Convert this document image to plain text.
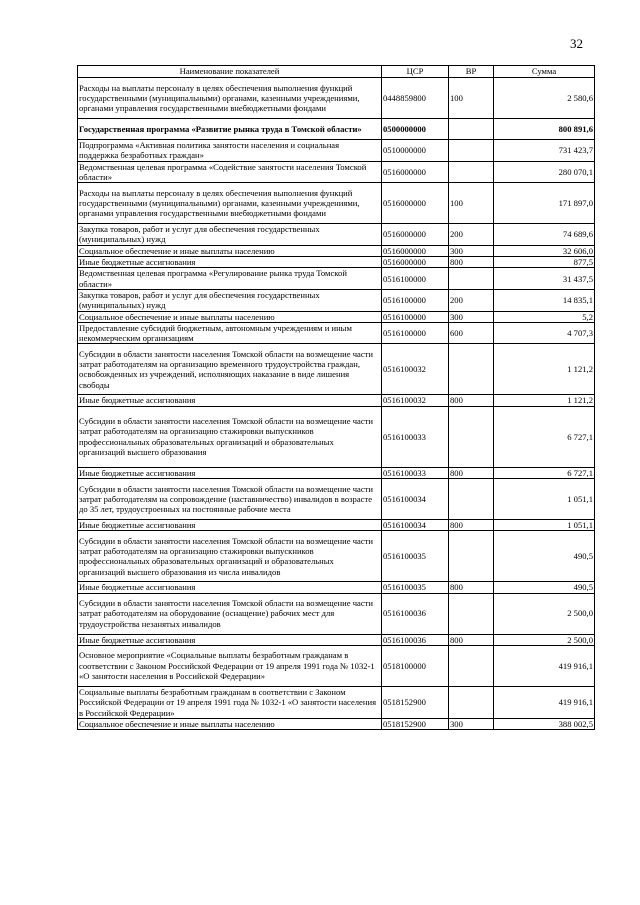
32
Наименование показателей	ЦСР	ВР	Сумма
Расходы на выплаты персоналу в целях обеспечения выполнения функций государственными (муниципальными) органами, казенными учреждениями, органами управления государственными внебюджетными фондами	0448859800	100	2 580,6
Государственная программа «Развитие рынка труда в Томской области»	0500000000		800 891,6
Подпрограмма «Активная политика занятости населения и социальная поддержка безработных граждан»	0510000000		731 423,7
Ведомственная целевая программа «Содействие занятости населения Томской области»	0516000000		280 070,1
Расходы на выплаты персоналу в целях обеспечения выполнения функций государственными (муниципальными) органами, казенными учреждениями, органами управления государственными внебюджетными фондами	0516000000	100	171 897,0
Закупка товаров, работ и услуг для обеспечения государственных (муниципальных) нужд	0516000000	200	74 689,6
Социальное обеспечение и иные выплаты населению	0516000000	300	32 606,0
Иные бюджетные ассигнования	0516000000	800	877,5
Ведомственная целевая программа «Регулирование рынка труда Томской области»	0516100000		31 437,5
Закупка товаров, работ и услуг для обеспечения государственных (муниципальных) нужд	0516100000	200	14 835,1
Социальное обеспечение и иные выплаты населению	0516100000	300	5,2
Предоставление субсидий бюджетным, автономным учреждениям и иным некоммерческим организациям	0516100000	600	4 707,3
Субсидии в области занятости населения Томской области на возмещение части затрат работодателям на организацию временного трудоустройства граждан, освобожденных из учреждений, исполняющих наказание в виде лишения свободы	0516100032		1 121,2
Иные бюджетные ассигнования	0516100032	800	1 121,2
Субсидии в области занятости населения Томской области на возмещение части затрат работодателям на организацию стажировки выпускников профессиональных образовательных организаций и образовательных организаций высшего образования	0516100033		6 727,1
Иные бюджетные ассигнования	0516100033	800	6 727,1
Субсидии в области занятости населения Томской области на возмещение части затрат работодателям на сопровождение (наставничество) инвалидов в возрасте до 35 лет, трудоустроенных на постоянные рабочие места	0516100034		1 051,1
Иные бюджетные ассигнования	0516100034	800	1 051,1
Субсидии в области занятости населения Томской области на возмещение части затрат работодателям на организацию стажировки выпускников профессиональных образовательных организаций и образовательных организаций высшего образования из числа инвалидов	0516100035		490,5
Иные бюджетные ассигнования	0516100035	800	490,5
Субсидии в области занятости населения Томской области на возмещение части затрат работодателям на оборудование (оснащение) рабочих мест для трудоустройства незанятых инвалидов	0516100036		2 500,0
Иные бюджетные ассигнования	0516100036	800	2 500,0
Основное мероприятие «Социальные выплаты безработным гражданам в соответствии с Законом Российской Федерации от 19 апреля 1991 года № 1032-1 «О занятости населения в Российской Федерации»	0518100000		419 916,1
Социальные выплаты безработным гражданам в соответствии с Законом Российской Федерации от 19 апреля 1991 года № 1032-1 «О занятости населения в Российской Федерации»	0518152900		419 916,1
Социальное обеспечение и иные выплаты населению	0518152900	300	388 002,5
